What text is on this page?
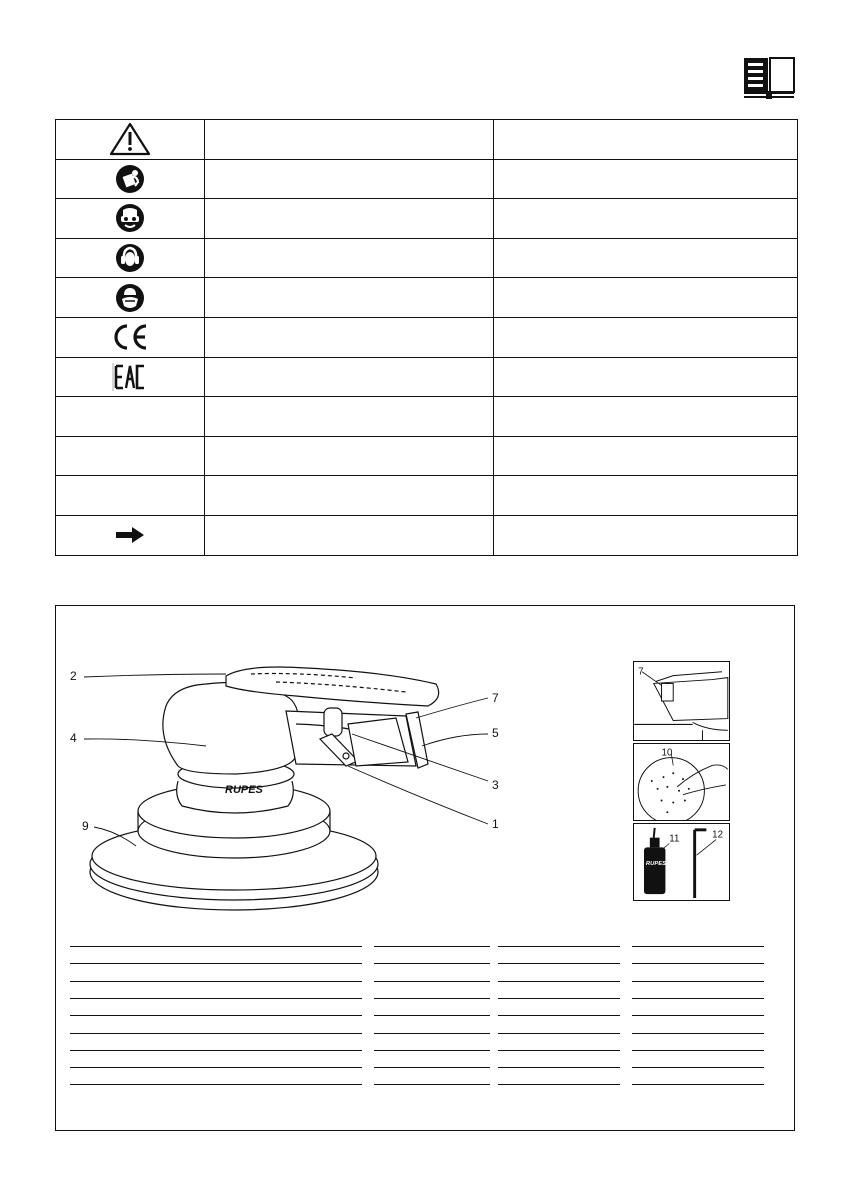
RUPES
2
4
9
7
5
3
1
7
10
RUPES
11	12
